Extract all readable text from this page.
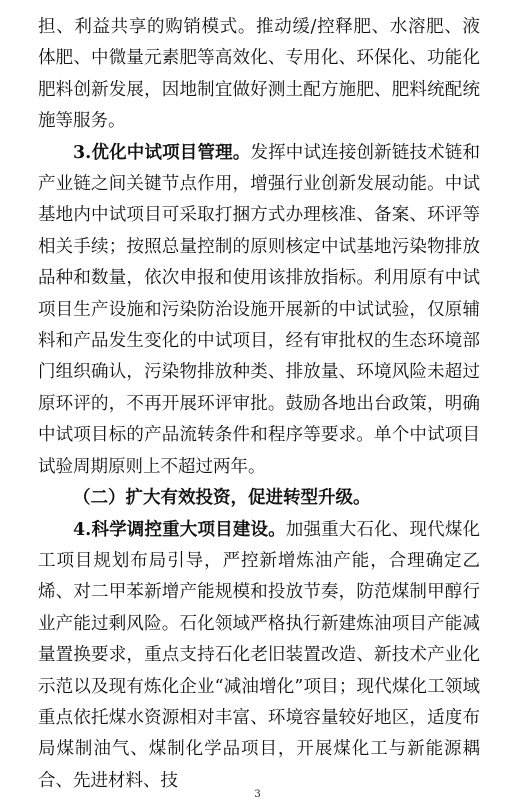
担、利益共享的购销模式。推动缓/控释肥、水溶肥、液体肥、中微量元素肥等高效化、专用化、环保化、功能化肥料创新发展，因地制宜做好测土配方施肥、肥料统配统施等服务。

3.优化中试项目管理。发挥中试连接创新链技术链和产业链之间关键节点作用，增强行业创新发展动能。中试基地内中试项目可采取打捆方式办理核准、备案、环评等相关手续；按照总量控制的原则核定中试基地污染物排放品种和数量，依次申报和使用该排放指标。利用原有中试项目生产设施和污染防治设施开展新的中试试验，仅原辅料和产品发生变化的中试项目，经有审批权的生态环境部门组织确认，污染物排放种类、排放量、环境风险未超过原环评的，不再开展环评审批。鼓励各地出台政策，明确中试项目标的产品流转条件和程序等要求。单个中试项目试验周期原则上不超过两年。

（二）扩大有效投资，促进转型升级。

4.科学调控重大项目建设。加强重大石化、现代煤化工项目规划布局引导，严控新增炼油产能，合理确定乙烯、对二甲苯新增产能规模和投放节奏，防范煤制甲醇行业产能过剩风险。石化领域严格执行新建炼油项目产能减量置换要求，重点支持石化老旧装置改造、新技术产业化示范以及现有炼化企业“减油增化”项目；现代煤化工领域重点依托煤水资源相对丰富、环境容量较好地区，适度布局煤制油气、煤制化学品项目，开展煤化工与新能源耦合、先进材料、技

3
